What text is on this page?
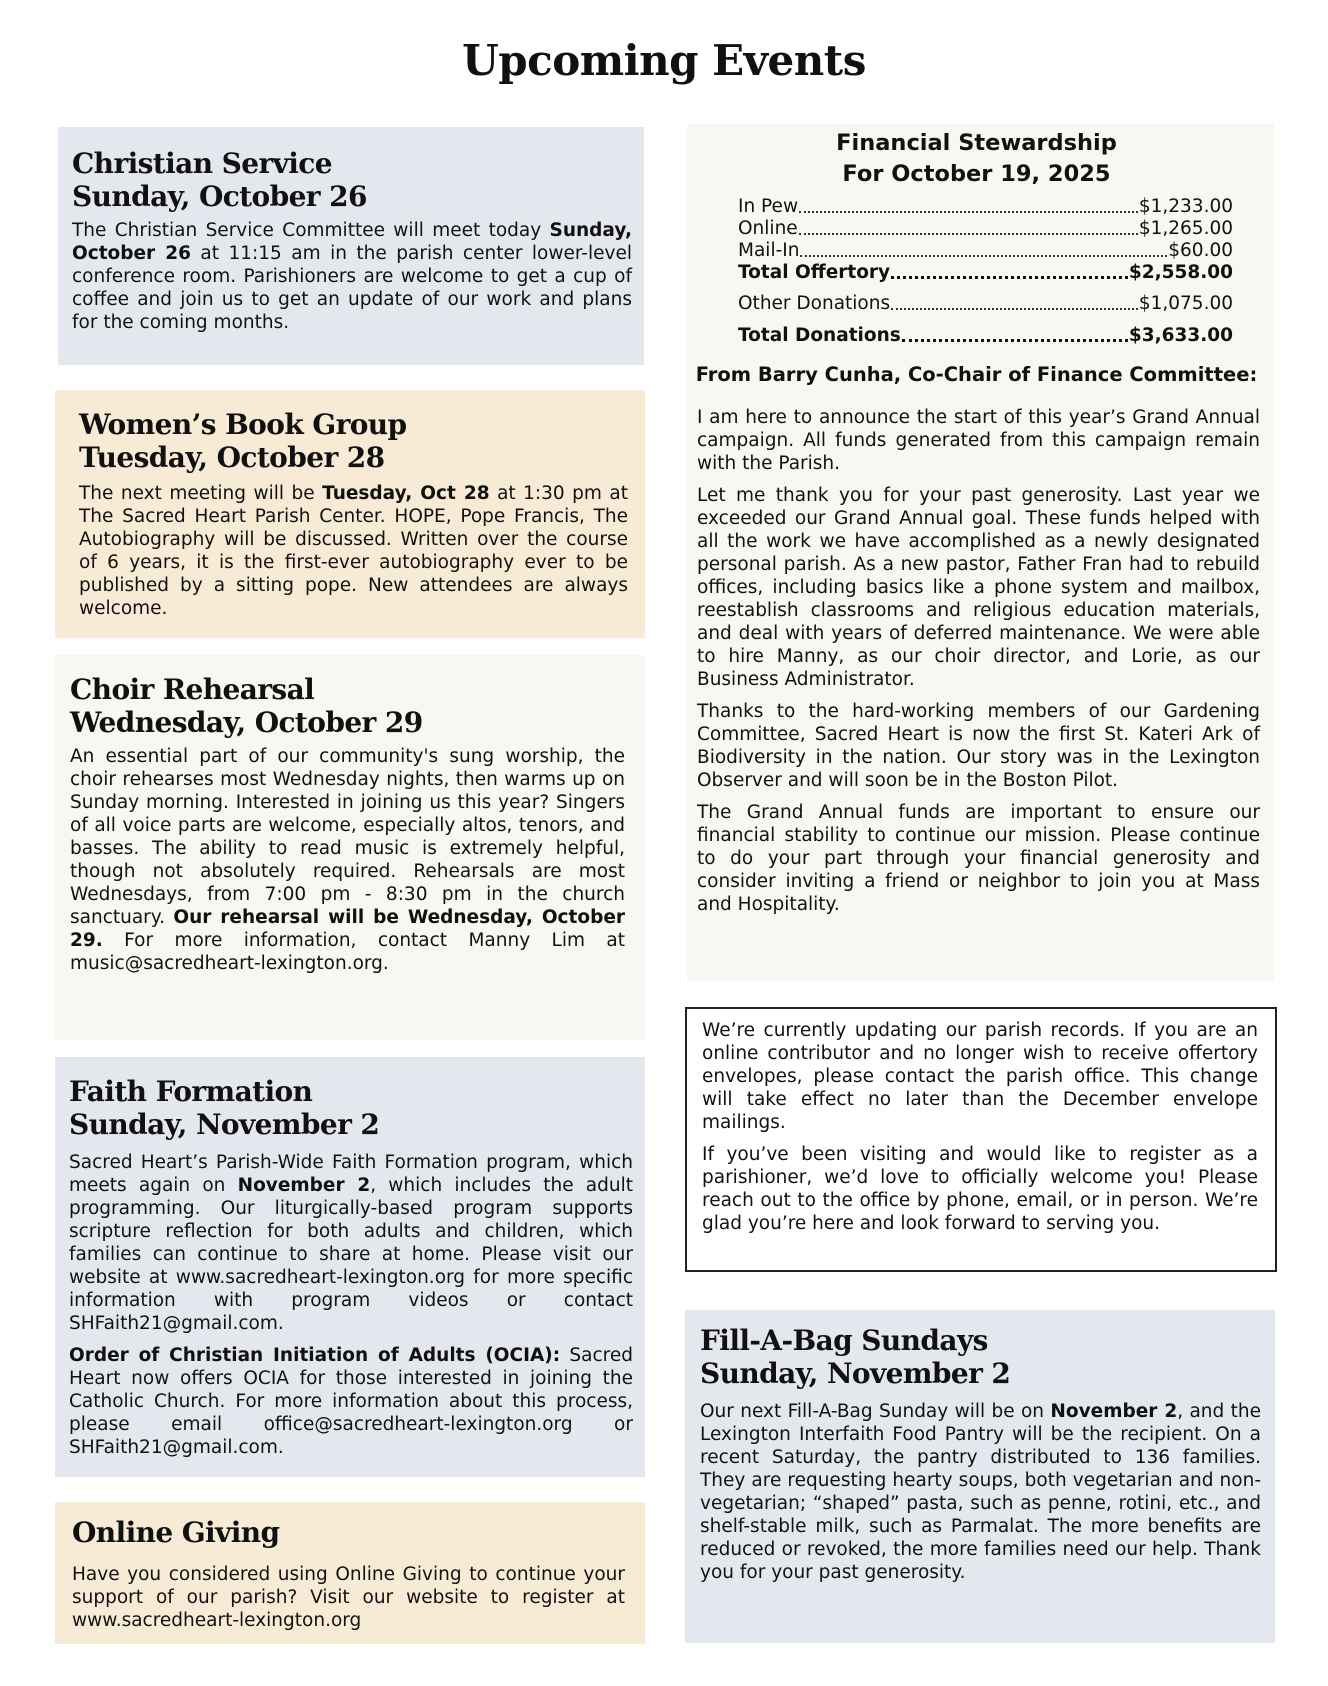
Upcoming Events
Christian Service
Sunday, October 26

The Christian Service Committee will meet today Sunday, October 26 at 11:15 am in the parish center lower-level conference room. Parishioners are welcome to get a cup of coffee and join us to get an update of our work and plans for the coming months.

Women’s Book Group
Tuesday, October 28

The next meeting will be Tuesday, Oct 28 at 1:30 pm at The Sacred Heart Parish Center. HOPE, Pope Francis, The Autobiography will be discussed. Written over the course of 6 years, it is the first-ever autobiography ever to be published by a sitting pope. New attendees are always welcome.

Choir Rehearsal
Wednesday, October 29

An essential part of our community's sung worship, the choir rehearses most Wednesday nights, then warms up on Sunday morning. Interested in joining us this year? Singers of all voice parts are welcome, especially altos, tenors, and basses. The ability to read music is extremely helpful, though not absolutely required. Rehearsals are most Wednesdays, from 7:00 pm - 8:30 pm in the church sanctuary. Our rehearsal will be Wednesday, October 29. For more information, contact Manny Lim at music@sacredheart-lexington.org.

Faith Formation
Sunday, November 2

Sacred Heart’s Parish-Wide Faith Formation program, which meets again on November 2, which includes the adult programming. Our liturgically-based program supports scripture reflection for both adults and children, which families can continue to share at home. Please visit our website at www.sacredheart-lexington.org for more specific information with program videos or contact SHFaith21@gmail.com.

Order of Christian Initiation of Adults (OCIA): Sacred Heart now offers OCIA for those interested in joining the Catholic Church. For more information about this process, please email office@sacredheart-lexington.org or SHFaith21@gmail.com.

Online Giving

Have you considered using Online Giving to continue your support of our parish? Visit our website to register at www.sacredheart-lexington.org

Financial Stewardship
For October 19, 2025
In Pew	$1,233.00
Online	$1,265.00
Mail-In	$60.00
Total Offertory	$2,558.00
Other Donations	$1,075.00
Total Donations	$3,633.00
From Barry Cunha, Co-Chair of Finance Committee:

I am here to announce the start of this year’s Grand Annual campaign. All funds generated from this campaign remain with the Parish.

Let me thank you for your past generosity. Last year we exceeded our Grand Annual goal. These funds helped with all the work we have accomplished as a newly designated personal parish. As a new pastor, Father Fran had to rebuild offices, including basics like a phone system and mailbox, reestablish classrooms and religious education materials, and deal with years of deferred maintenance. We were able to hire Manny, as our choir director, and Lorie, as our Business Administrator.

Thanks to the hard-working members of our Gardening Committee, Sacred Heart is now the first St. Kateri Ark of Biodiversity in the nation. Our story was in the Lexington Observer and will soon be in the Boston Pilot.

The Grand Annual funds are important to ensure our financial stability to continue our mission. Please continue to do your part through your financial generosity and consider inviting a friend or neighbor to join you at Mass and Hospitality.

We’re currently updating our parish records. If you are an online contributor and no longer wish to receive offertory envelopes, please contact the parish office. This change will take effect no later than the December envelope mailings.

If you’ve been visiting and would like to register as a parishioner, we’d love to officially welcome you! Please reach out to the office by phone, email, or in person. We’re glad you’re here and look forward to serving you.

Fill-A-Bag Sundays
Sunday, November 2

Our next Fill-A-Bag Sunday will be on November 2, and the Lexington Interfaith Food Pantry will be the recipient. On a recent Saturday, the pantry distributed to 136 families. They are requesting hearty soups, both vegetarian and non-vegetarian; “shaped” pasta, such as penne, rotini, etc., and shelf-stable milk, such as Parmalat. The more benefits are reduced or revoked, the more families need our help. Thank you for your past generosity.
